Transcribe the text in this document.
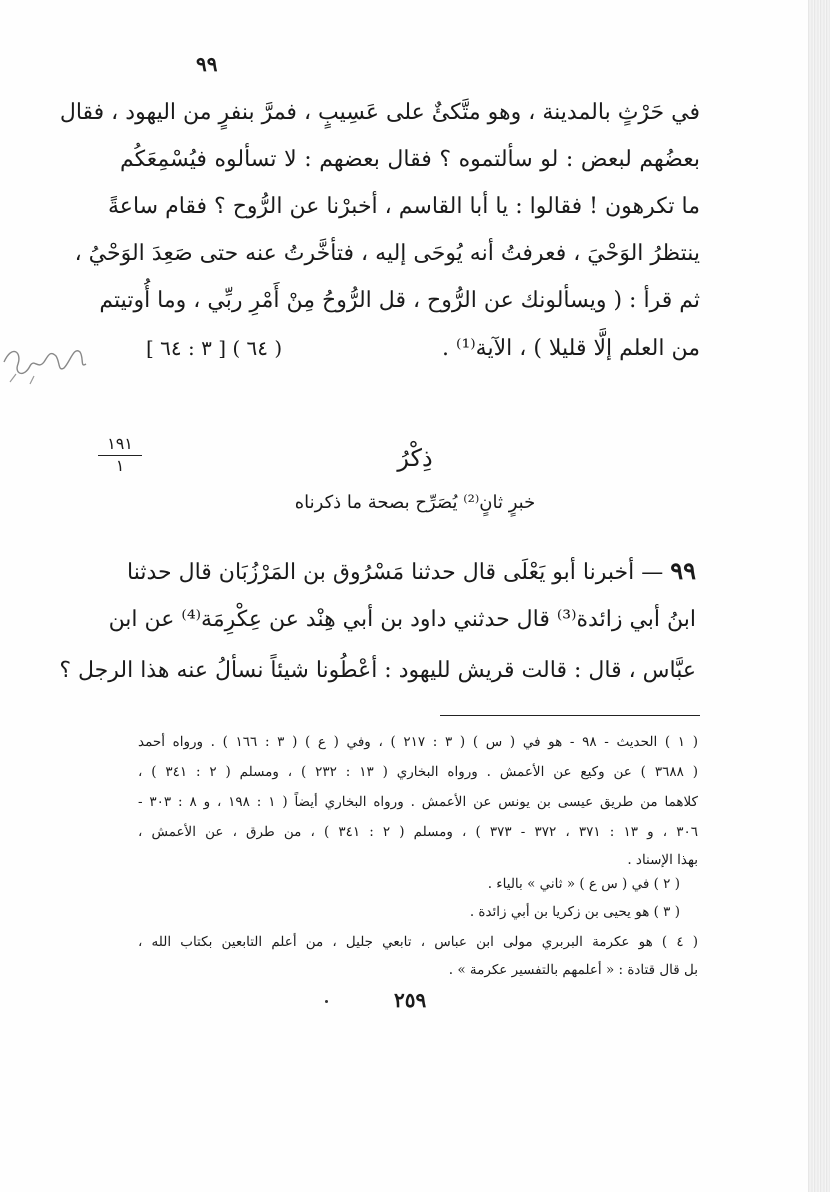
٩٩
في حَرْثٍ بالمدينة ، وهو متَّكئٌ على عَسِيبٍ ، فمرَّ بنفرٍ من اليهود ، فقال
بعضُهم لبعض : لو سألتموه ؟ فقال بعضهم : لا تسألوه فيُسْمِعَكُم
ما تكرهون ! فقالوا : يا أبا القاسم ، أخبرْنا عن الرُّوح ؟ فقام ساعةً
ينتظرُ الوَحْيَ ، فعرفتُ أنه يُوحَى إليه ، فتأخَّرتُ عنه حتى صَعِدَ الوَحْيُ ،
ثم قرأ : ( ويسألونك عن الرُّوح ، قل الرُّوحُ مِنْ أَمْرِ ربِّي ، وما أُوتيتم
من العلم إلَّا قليلا ) ، الآية⁽¹⁾ .
( ٦٤ ) [ ٣ : ٦٤ ]
١٩١
١	ذِكْرُ
خبرٍ ثانٍ⁽²⁾ يُصَرِّح بصحة ما ذكرناه
٩٩ — أخبرنا أبو يَعْلَى قال حدثنا مَسْرُوق بن المَرْزُبَان قال حدثنا
ابنُ أبي زائدة⁽³⁾ قال حدثني داود بن أبي هِنْد عن عِكْرِمَة⁽⁴⁾ عن ابن
عبَّاس ، قال : قالت قريش لليهود : أعْطُونا شيئاً نسألُ عنه هذا الرجل ؟
( ١ ) الحديث - ٩٨ - هو في ( س ) ( ٣ : ٢١٧ ) ، وفي ( ع ) ( ٣ : ١٦٦ ) . ورواه أحمد
( ٣٦٨٨ ) عن وكيع عن الأعمش . ورواه البخاري ( ١٣ : ٢٣٢ ) ، ومسلم ( ٢ : ٣٤١ ) ،
كلاهما من طريق عيسى بن يونس عن الأعمش . ورواه البخاري أيضاً ( ١ : ١٩٨ ، و ٨ : ٣٠٣ -
٣٠٦ ، و ١٣ : ٣٧١ ، ٣٧٢ - ٣٧٣ ) ، ومسلم ( ٢ : ٣٤١ ) ، من طرق ، عن الأعمش ،
بهذا الإسناد .
( ٢ ) في ( س ع ) « ثاني » بالياء .
( ٣ ) هو يحيى بن زكريا بن أبي زائدة .
( ٤ ) هو عكرمة البربري مولى ابن عباس ، تابعي جليل ، من أعلم التابعين بكتاب الله ،
بل قال قتادة : « أعلمهم بالتفسير عكرمة » .
٢٥٩
